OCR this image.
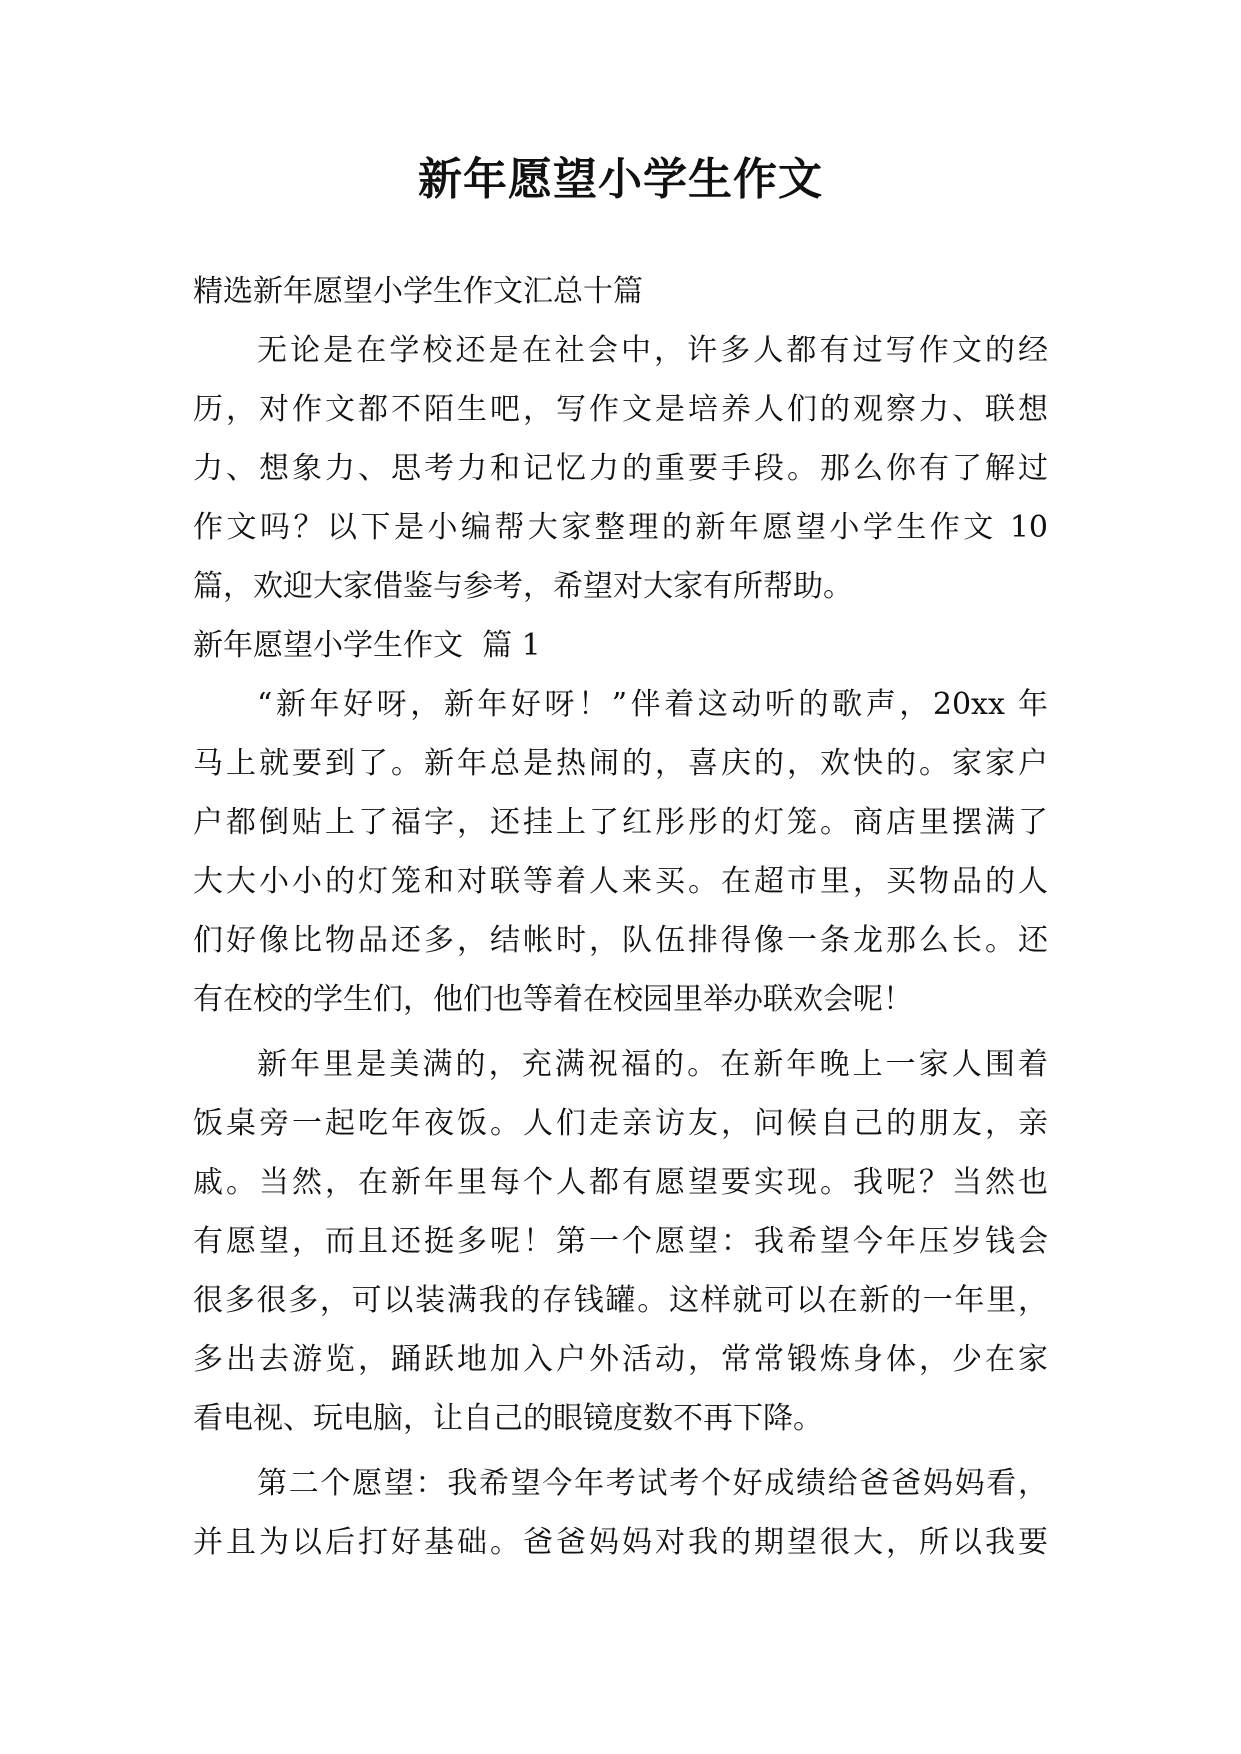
新年愿望小学生作文
精选新年愿望小学生作文汇总十篇
无论是在学校还是在社会中，许多人都有过写作文的经
历，对作文都不陌生吧，写作文是培养人们的观察力、联想
力、想象力、思考力和记忆力的重要手段。那么你有了解过
作文吗？以下是小编帮大家整理的新年愿望小学生作文 10
篇，欢迎大家借鉴与参考，希望对大家有所帮助。
新年愿望小学生作文  篇 1
“新年好呀，新年好呀！”伴着这动听的歌声，20xx 年
马上就要到了。新年总是热闹的，喜庆的，欢快的。家家户
户都倒贴上了福字，还挂上了红彤彤的灯笼。商店里摆满了
大大小小的灯笼和对联等着人来买。在超市里，买物品的人
们好像比物品还多，结帐时，队伍排得像一条龙那么长。还
有在校的学生们，他们也等着在校园里举办联欢会呢！
新年里是美满的，充满祝福的。在新年晚上一家人围着
饭桌旁一起吃年夜饭。人们走亲访友，问候自己的朋友，亲
戚。当然，在新年里每个人都有愿望要实现。我呢？当然也
有愿望，而且还挺多呢！第一个愿望：我希望今年压岁钱会
很多很多，可以装满我的存钱罐。这样就可以在新的一年里，
多出去游览，踊跃地加入户外活动，常常锻炼身体，少在家
看电视、玩电脑，让自己的眼镜度数不再下降。
第二个愿望：我希望今年考试考个好成绩给爸爸妈妈看，
并且为以后打好基础。爸爸妈妈对我的期望很大，所以我要
